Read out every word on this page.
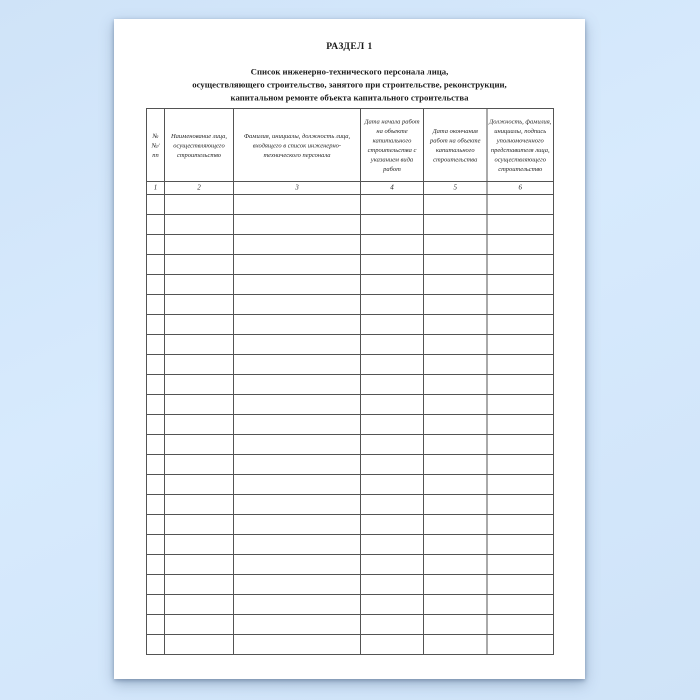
РАЗДЕЛ 1
Список инженерно-технического персонала лица,
осуществляющего строительство, занятого при строительстве, реконструкции,
капитальном ремонте объекта капитального строительства
№№/ пп	Наименование лица, осуществляющего строительство	Фамилия, инициалы, должность лица, входящего в список инженерно-технического персонала	Дата начала работ на объекте капитального строительства с указанием вида работ	Дата окончания работ на объекте капитального строительства	Должность, фамилия, инициалы, подпись уполномоченного представителя лица, осуществляющего строительство
1	2	3	4	5	6
